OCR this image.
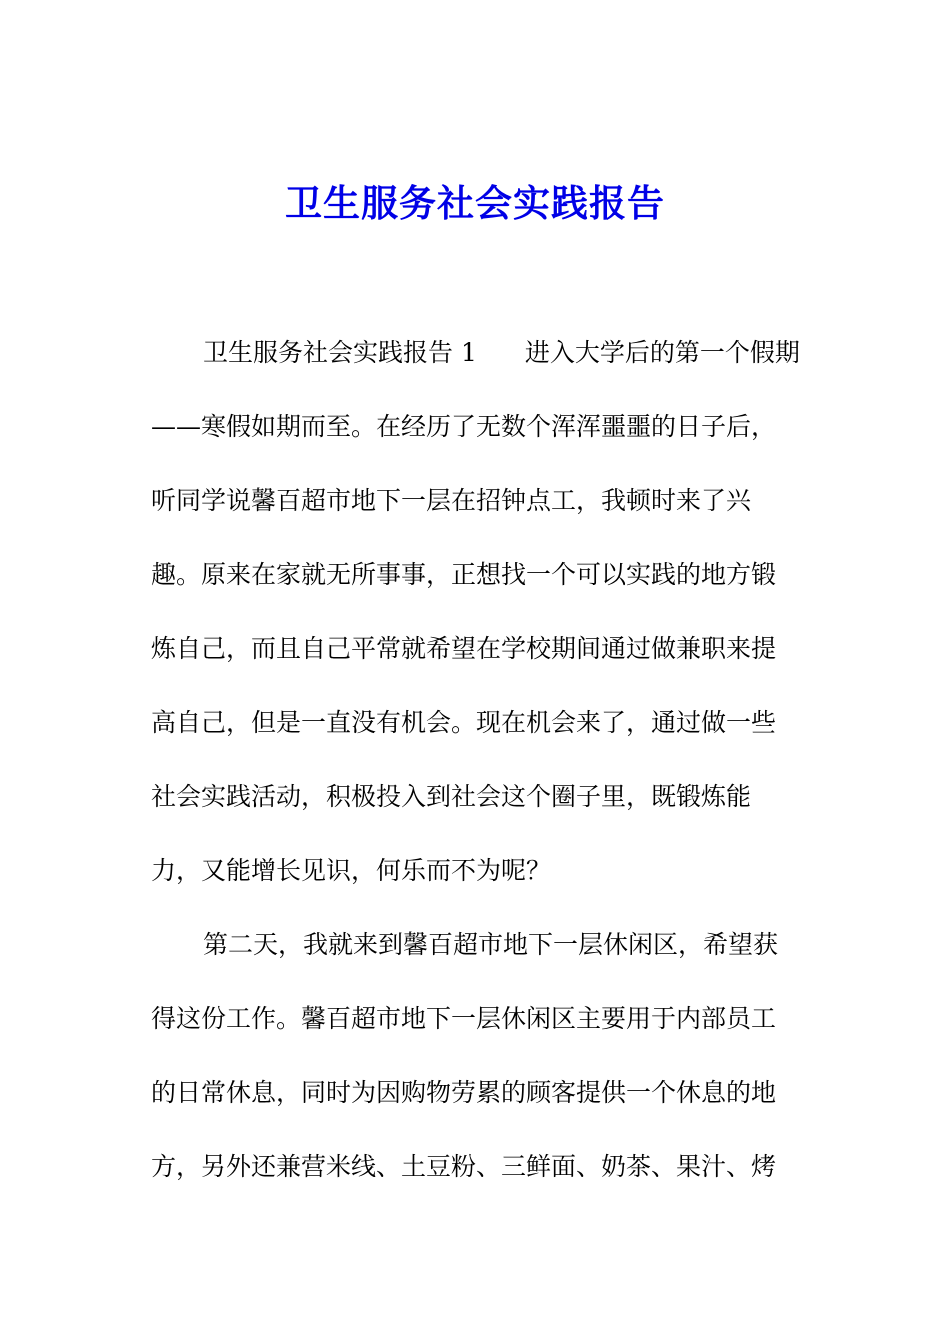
卫生服务社会实践报告
卫生服务社会实践报告 1 进入大学后的第一个假期
——寒假如期而至。在经历了无数个浑浑噩噩的日子后，
听同学说馨百超市地下一层在招钟点工，我顿时来了兴
趣。原来在家就无所事事，正想找一个可以实践的地方锻
炼自己，而且自己平常就希望在学校期间通过做兼职来提
高自己，但是一直没有机会。现在机会来了，通过做一些
社会实践活动，积极投入到社会这个圈子里，既锻炼能
力，又能增长见识，何乐而不为呢？
第二天，我就来到馨百超市地下一层休闲区，希望获
得这份工作。馨百超市地下一层休闲区主要用于内部员工
的日常休息，同时为因购物劳累的顾客提供一个休息的地
方，另外还兼营米线、土豆粉、三鲜面、奶茶、果汁、烤
